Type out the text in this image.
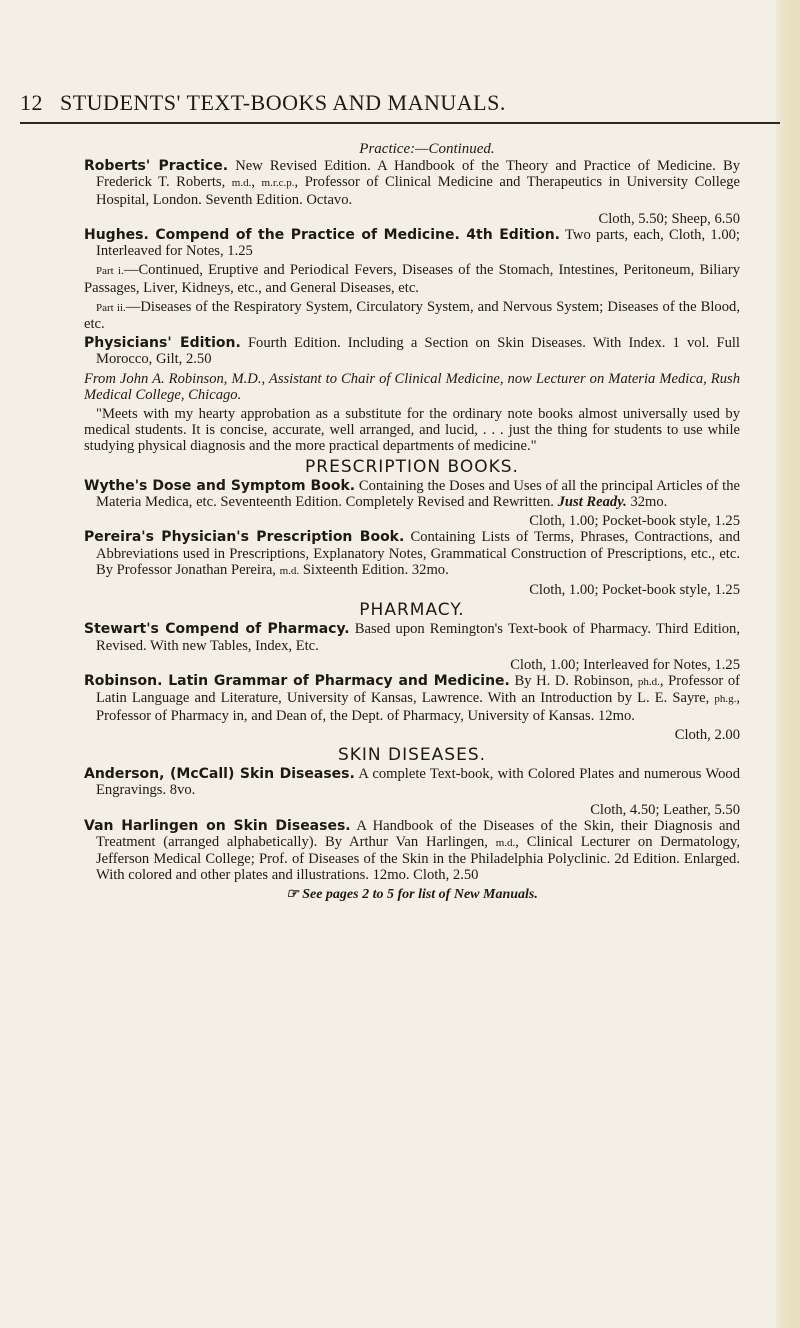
12 STUDENTS' TEXT-BOOKS AND MANUALS.
Practice:—Continued.

Roberts' Practice. New Revised Edition. A Handbook of the Theory and Practice of Medicine. By Frederick T. Roberts, m.d., m.r.c.p., Professor of Clinical Medicine and Therapeutics in University College Hospital, London. Seventh Edition. Octavo.

Cloth, 5.50; Sheep, 6.50

Hughes. Compend of the Practice of Medicine. 4th Edition. Two parts, each, Cloth, 1.00; Interleaved for Notes, 1.25

Part i.—Continued, Eruptive and Periodical Fevers, Diseases of the Stomach, Intestines, Peritoneum, Biliary Passages, Liver, Kidneys, etc., and General Diseases, etc.

Part ii.—Diseases of the Respiratory System, Circulatory System, and Nervous System; Diseases of the Blood, etc.

Physicians' Edition. Fourth Edition. Including a Section on Skin Diseases. With Index. 1 vol. Full Morocco, Gilt, 2.50

From John A. Robinson, M.D., Assistant to Chair of Clinical Medicine, now Lecturer on Materia Medica, Rush Medical College, Chicago.

"Meets with my hearty approbation as a substitute for the ordinary note books almost universally used by medical students. It is concise, accurate, well arranged, and lucid, . . . just the thing for students to use while studying physical diagnosis and the more practical departments of medicine."

PRESCRIPTION BOOKS.

Wythe's Dose and Symptom Book. Containing the Doses and Uses of all the principal Articles of the Materia Medica, etc. Seventeenth Edition. Completely Revised and Rewritten. Just Ready. 32mo.

Cloth, 1.00; Pocket-book style, 1.25

Pereira's Physician's Prescription Book. Containing Lists of Terms, Phrases, Contractions, and Abbreviations used in Prescriptions, Explanatory Notes, Grammatical Construction of Prescriptions, etc., etc. By Professor Jonathan Pereira, m.d. Sixteenth Edition. 32mo.

Cloth, 1.00; Pocket-book style, 1.25
PHARMACY.

Stewart's Compend of Pharmacy. Based upon Remington's Text-book of Pharmacy. Third Edition, Revised. With new Tables, Index, Etc.

Cloth, 1.00; Interleaved for Notes, 1.25

Robinson. Latin Grammar of Pharmacy and Medicine. By H. D. Robinson, ph.d., Professor of Latin Language and Literature, University of Kansas, Lawrence. With an Introduction by L. E. Sayre, ph.g., Professor of Pharmacy in, and Dean of, the Dept. of Pharmacy, University of Kansas. 12mo.

Cloth, 2.00
SKIN DISEASES.

Anderson, (McCall) Skin Diseases. A complete Text-book, with Colored Plates and numerous Wood Engravings. 8vo.

Cloth, 4.50; Leather, 5.50

Van Harlingen on Skin Diseases. A Handbook of the Diseases of the Skin, their Diagnosis and Treatment (arranged alphabetically). By Arthur Van Harlingen, m.d., Clinical Lecturer on Dermatology, Jefferson Medical College; Prof. of Diseases of the Skin in the Philadelphia Polyclinic. 2d Edition. Enlarged. With colored and other plates and illustrations. 12mo. Cloth, 2.50

☞ See pages 2 to 5 for list of New Manuals.
